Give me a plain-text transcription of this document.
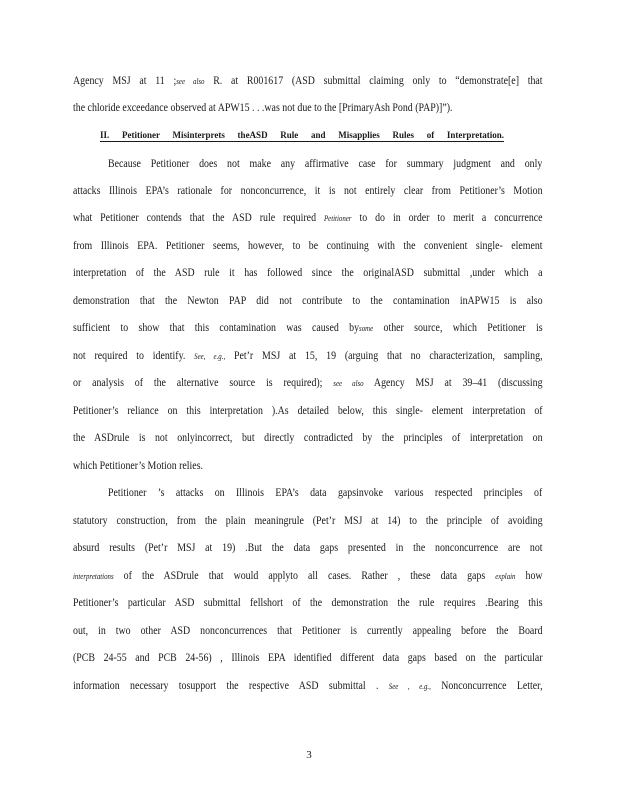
Agency MSJ at 11 ;see also R. at R001617 (ASD submittal claiming only to “demonstrate[e] that
the chloride exceedance observed at APW15 . . .was not due to the [PrimaryAsh Pond (PAP)]”).
II. Petitioner Misinterprets theASD Rule and Misapplies Rules of Interpretation.
Because Petitioner does not make any affirmative case for summary judgment and only
attacks Illinois EPA’s rationale for nonconcurrence, it is not entirely clear from Petitioner’s Motion
what Petitioner contends that the ASD rule required Petitioner to do in order to merit a concurrence
from Illinois EPA. Petitioner seems, however, to be continuing with the convenient single- element
interpretation of the ASD rule it has followed since the originalASD submittal ,under which a
demonstration that the Newton PAP did not contribute to the contamination inAPW15 is also
sufficient to show that this contamination was caused bysome other source, which Petitioner is
not required to identify. See, e.g., Pet’r MSJ at 15, 19 (arguing that no characterization, sampling,
or analysis of the alternative source is required); see also Agency MSJ at 39–41 (discussing
Petitioner’s reliance on this interpretation ).As detailed below, this single- element interpretation of
the ASDrule is not onlyincorrect, but directly contradicted by the principles of interpretation on
which Petitioner’s Motion relies.
Petitioner ’s attacks on Illinois EPA’s data gapsinvoke various respected principles of
statutory construction, from the plain meaningrule (Pet’r MSJ at 14) to the principle of avoiding
absurd results (Pet’r MSJ at 19) .But the data gaps presented in the nonconcurrence are not
interpretations of the ASDrule that would applyto all cases. Rather , these data gaps explain how
Petitioner’s particular ASD submittal fellshort of the demonstration the rule requires .Bearing this
out, in two other ASD nonconcurrences that Petitioner is currently appealing before the Board
(PCB 24-55 and PCB 24-56) , Illinois EPA identified different data gaps based on the particular
information necessary tosupport the respective ASD submittal . See , e.g., Nonconcurrence Letter,
3
